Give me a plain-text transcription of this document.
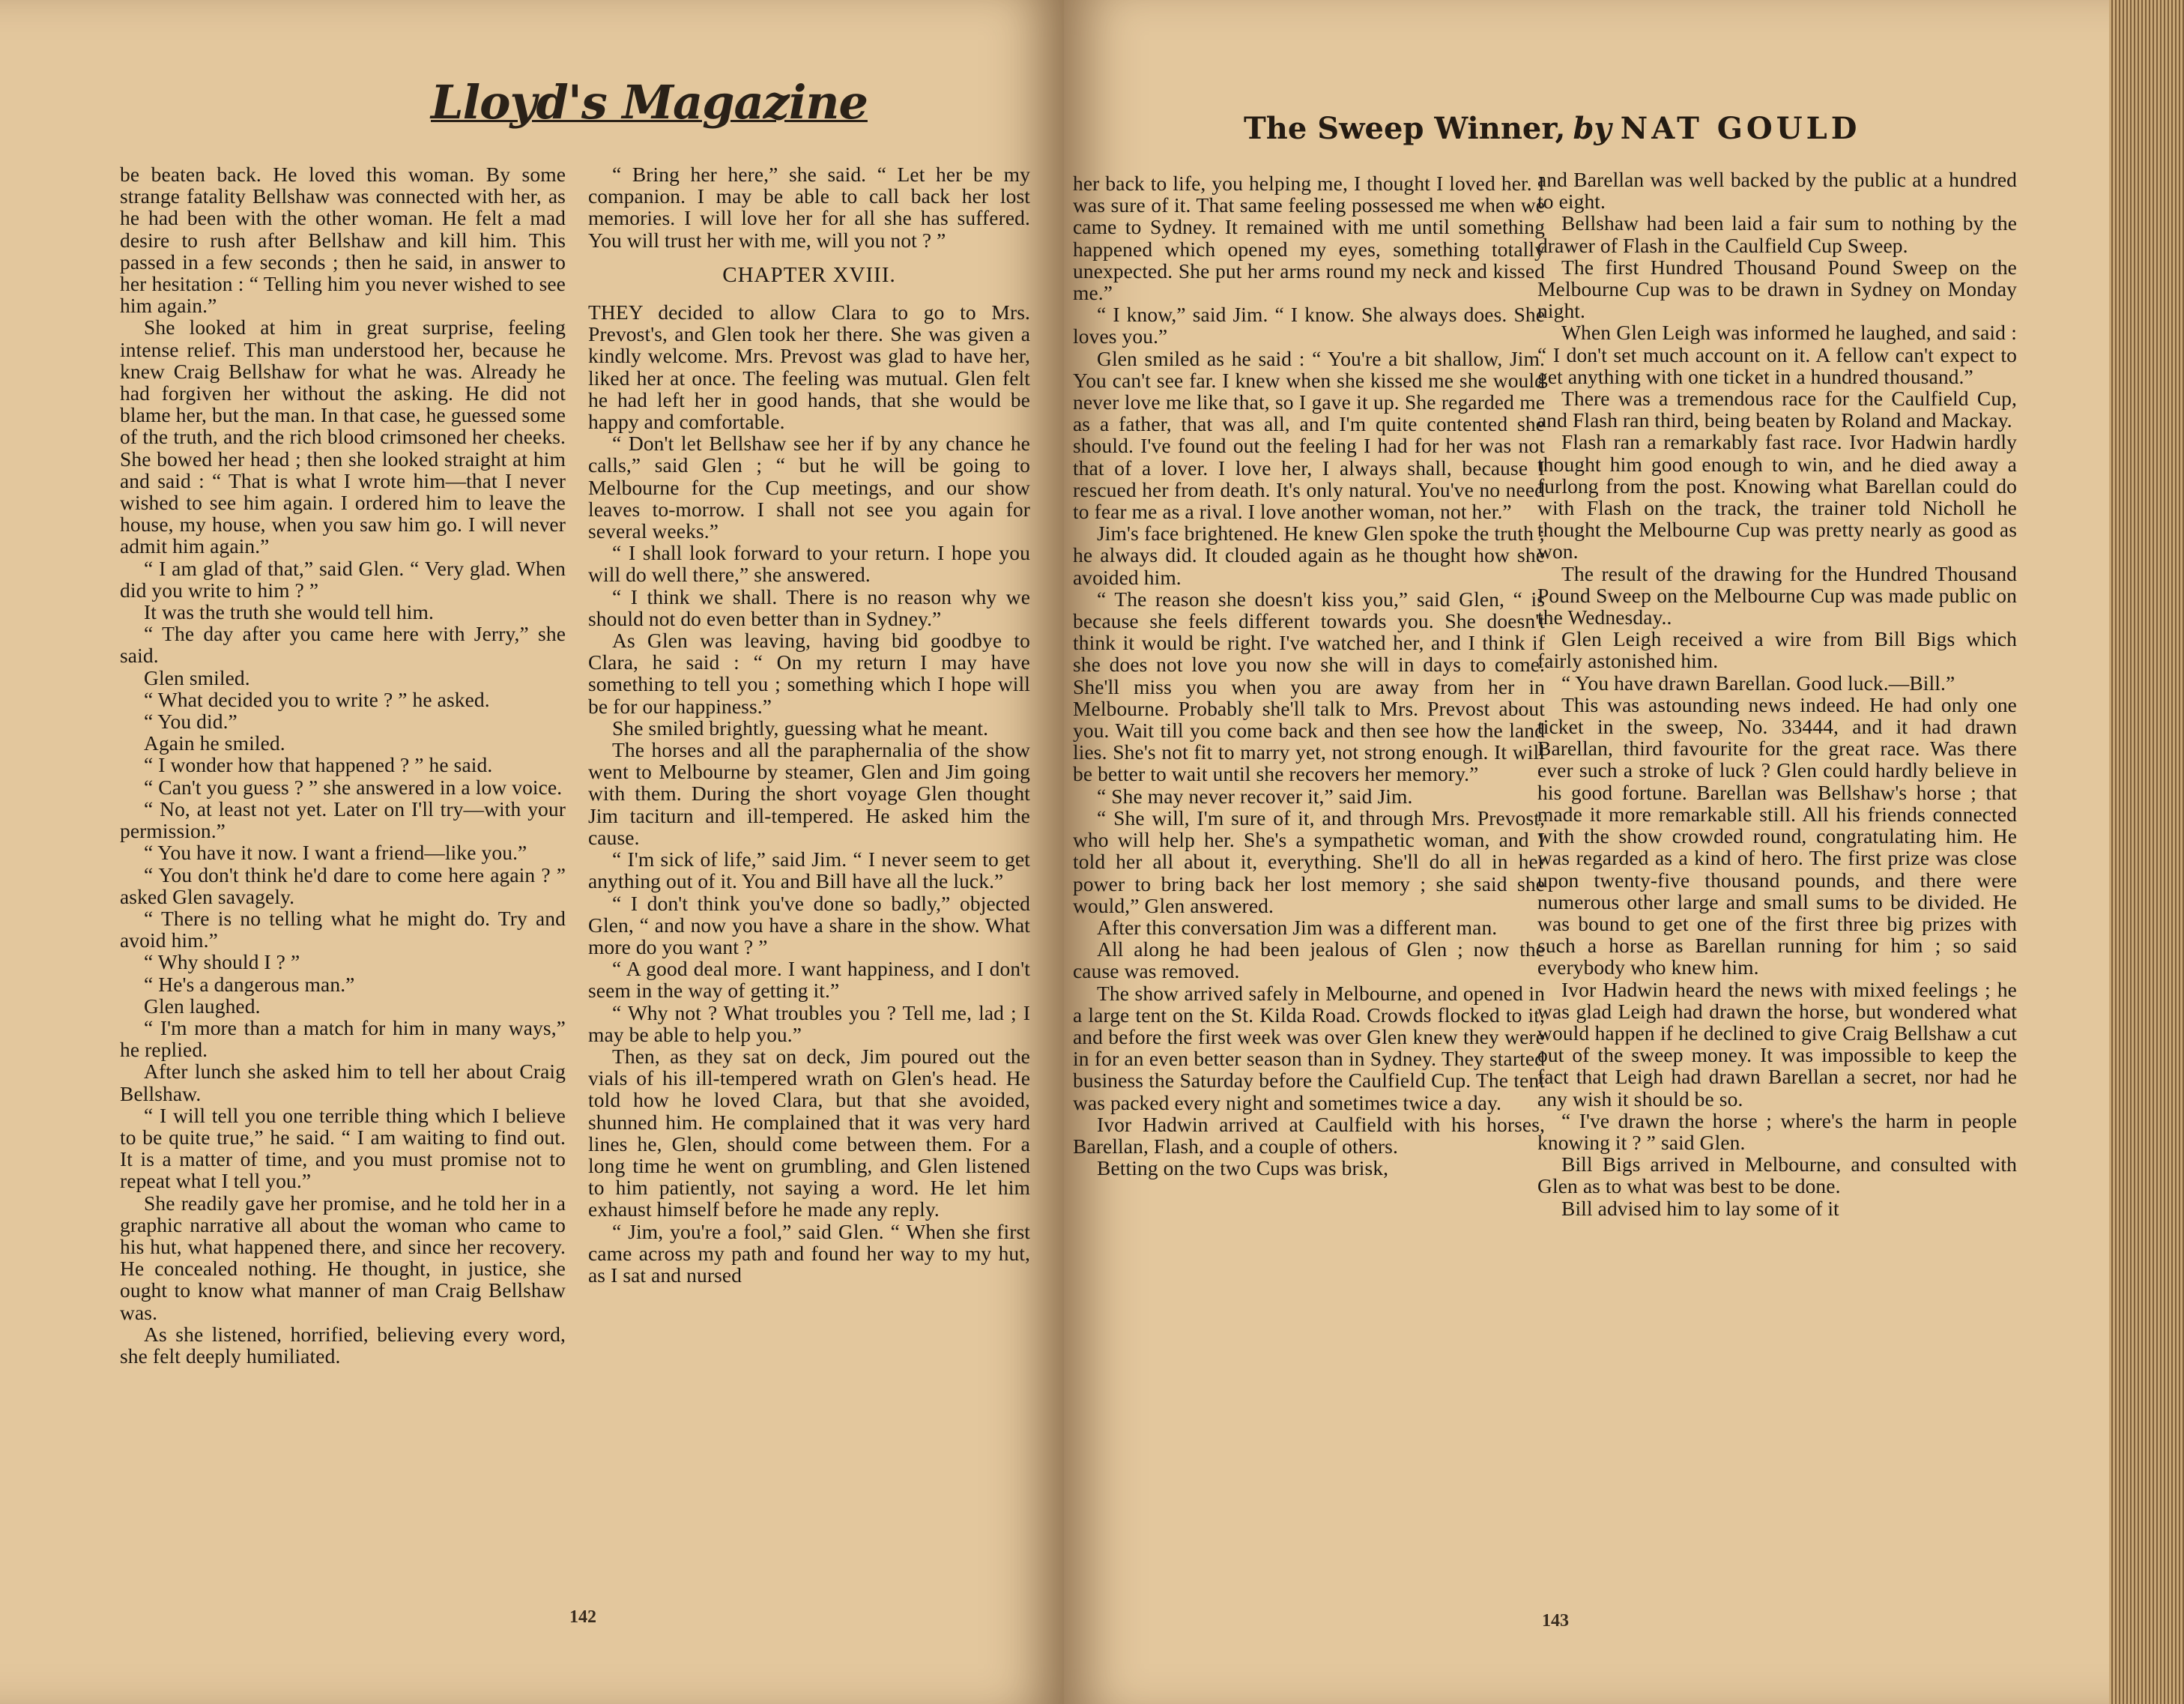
Lloyd's Magazine	The Sweep Winner, by NAT GOULD

be beaten back. He loved this woman. By some strange fatality Bellshaw was connected with her, as he had been with the other woman. He felt a mad desire to rush after Bellshaw and kill him. This passed in a few seconds ; then he said, in answer to her hesitation : “ Telling him you never wished to see him again.”

She looked at him in great surprise, feeling intense relief. This man understood her, because he knew Craig Bellshaw for what he was. Already he had forgiven her without the asking. He did not blame her, but the man. In that case, he guessed some of the truth, and the rich blood crimsoned her cheeks. She bowed her head ; then she looked straight at him and said : “ That is what I wrote him—that I never wished to see him again. I ordered him to leave the house, my house, when you saw him go. I will never admit him again.”

“ I am glad of that,” said Glen. “ Very glad. When did you write to him ? ”

It was the truth she would tell him.

“ The day after you came here with Jerry,” she said.

Glen smiled.

“ What decided you to write ? ” he asked.

“ You did.”

Again he smiled.

“ I wonder how that happened ? ” he said.

“ Can't you guess ? ” she answered in a low voice.

“ No, at least not yet. Later on I'll try—with your permission.”

“ You have it now. I want a friend—like you.”

“ You don't think he'd dare to come here again ? ” asked Glen savagely.

“ There is no telling what he might do. Try and avoid him.”

“ Why should I ? ”

“ He's a dangerous man.”

Glen laughed.

“ I'm more than a match for him in many ways,” he replied.

After lunch she asked him to tell her about Craig Bellshaw.

“ I will tell you one terrible thing which I believe to be quite true,” he said. “ I am waiting to find out. It is a matter of time, and you must promise not to repeat what I tell you.”

She readily gave her promise, and he told her in a graphic narrative all about the woman who came to his hut, what happened there, and since her recovery. He concealed nothing. He thought, in justice, she ought to know what manner of man Craig Bellshaw was.

As she listened, horrified, believing every word, she felt deeply humiliated.

“ Bring her here,” she said. “ Let her be my companion. I may be able to call back her lost memories. I will love her for all she has suffered. You will trust her with me, will you not ? ”

CHAPTER XVIII.

THEY decided to allow Clara to go to Mrs. Prevost's, and Glen took her there. She was given a kindly welcome. Mrs. Prevost was glad to have her, liked her at once. The feeling was mutual. Glen felt he had left her in good hands, that she would be happy and comfortable.

“ Don't let Bellshaw see her if by any chance he calls,” said Glen ; “ but he will be going to Melbourne for the Cup meetings, and our show leaves to-morrow. I shall not see you again for several weeks.”

“ I shall look forward to your return. I hope you will do well there,” she answered.

“ I think we shall. There is no reason why we should not do even better than in Sydney.”

As Glen was leaving, having bid goodbye to Clara, he said : “ On my return I may have something to tell you ; something which I hope will be for our happiness.”

She smiled brightly, guessing what he meant.

The horses and all the paraphernalia of the show went to Melbourne by steamer, Glen and Jim going with them. During the short voyage Glen thought Jim taciturn and ill-tempered. He asked him the cause.

“ I'm sick of life,” said Jim. “ I never seem to get anything out of it. You and Bill have all the luck.”

“ I don't think you've done so badly,” objected Glen, “ and now you have a share in the show. What more do you want ? ”

“ A good deal more. I want happiness, and I don't seem in the way of getting it.”

“ Why not ? What troubles you ? Tell me, lad ; I may be able to help you.”

Then, as they sat on deck, Jim poured out the vials of his ill-tempered wrath on Glen's head. He told how he loved Clara, but that she avoided, shunned him. He complained that it was very hard lines he, Glen, should come between them. For a long time he went on grumbling, and Glen listened to him patiently, not saying a word. He let him exhaust himself before he made any reply.

“ Jim, you're a fool,” said Glen. “ When she first came across my path and found her way to my hut, as I sat and nursed

her back to life, you helping me, I thought I loved her. I was sure of it. That same feeling possessed me when we came to Sydney. It remained with me until something happened which opened my eyes, something totally unexpected. She put her arms round my neck and kissed me.”

“ I know,” said Jim. “ I know. She always does. She loves you.”

Glen smiled as he said : “ You're a bit shallow, Jim. You can't see far. I knew when she kissed me she would never love me like that, so I gave it up. She regarded me as a father, that was all, and I'm quite contented she should. I've found out the feeling I had for her was not that of a lover. I love her, I always shall, because I rescued her from death. It's only natural. You've no need to fear me as a rival. I love another woman, not her.”

Jim's face brightened. He knew Glen spoke the truth ; he always did. It clouded again as he thought how she avoided him.

“ The reason she doesn't kiss you,” said Glen, “ is because she feels different towards you. She doesn't think it would be right. I've watched her, and I think if she does not love you now she will in days to come. She'll miss you when you are away from her in Melbourne. Probably she'll talk to Mrs. Prevost about you. Wait till you come back and then see how the land lies. She's not fit to marry yet, not strong enough. It will be better to wait until she recovers her memory.”

“ She may never recover it,” said Jim.

“ She will, I'm sure of it, and through Mrs. Prevost, who will help her. She's a sympathetic woman, and I told her all about it, everything. She'll do all in her power to bring back her lost memory ; she said she would,” Glen answered.

After this conversation Jim was a different man.

All along he had been jealous of Glen ; now the cause was removed.

The show arrived safely in Melbourne, and opened in a large tent on the St. Kilda Road. Crowds flocked to it, and before the first week was over Glen knew they were in for an even better season than in Sydney. They started business the Saturday before the Caulfield Cup. The tent was packed every night and sometimes twice a day.

Ivor Hadwin arrived at Caulfield with his horses, Barellan, Flash, and a couple of others.

Betting on the two Cups was brisk,

and Barellan was well backed by the public at a hundred to eight.

Bellshaw had been laid a fair sum to nothing by the drawer of Flash in the Caulfield Cup Sweep.

The first Hundred Thousand Pound Sweep on the Melbourne Cup was to be drawn in Sydney on Monday night.

When Glen Leigh was informed he laughed, and said : “ I don't set much account on it. A fellow can't expect to get anything with one ticket in a hundred thousand.”

There was a tremendous race for the Caulfield Cup, and Flash ran third, being beaten by Roland and Mackay.

Flash ran a remarkably fast race. Ivor Hadwin hardly thought him good enough to win, and he died away a furlong from the post. Knowing what Barellan could do with Flash on the track, the trainer told Nicholl he thought the Melbourne Cup was pretty nearly as good as won.

The result of the drawing for the Hundred Thousand Pound Sweep on the Melbourne Cup was made public on the Wednesday..

Glen Leigh received a wire from Bill Bigs which fairly astonished him.

“ You have drawn Barellan. Good luck.—Bill.”

This was astounding news indeed. He had only one ticket in the sweep, No. 33444, and it had drawn Barellan, third favourite for the great race. Was there ever such a stroke of luck ? Glen could hardly believe in his good fortune. Barellan was Bellshaw's horse ; that made it more remarkable still. All his friends connected with the show crowded round, congratulating him. He was regarded as a kind of hero. The first prize was close upon twenty-five thousand pounds, and there were numerous other large and small sums to be divided. He was bound to get one of the first three big prizes with such a horse as Barellan running for him ; so said everybody who knew him.

Ivor Hadwin heard the news with mixed feelings ; he was glad Leigh had drawn the horse, but wondered what would happen if he declined to give Craig Bellshaw a cut out of the sweep money. It was impossible to keep the fact that Leigh had drawn Barellan a secret, nor had he any wish it should be so.

“ I've drawn the horse ; where's the harm in people knowing it ? ” said Glen.

Bill Bigs arrived in Melbourne, and consulted with Glen as to what was best to be done.

Bill advised him to lay some of it

142	143
